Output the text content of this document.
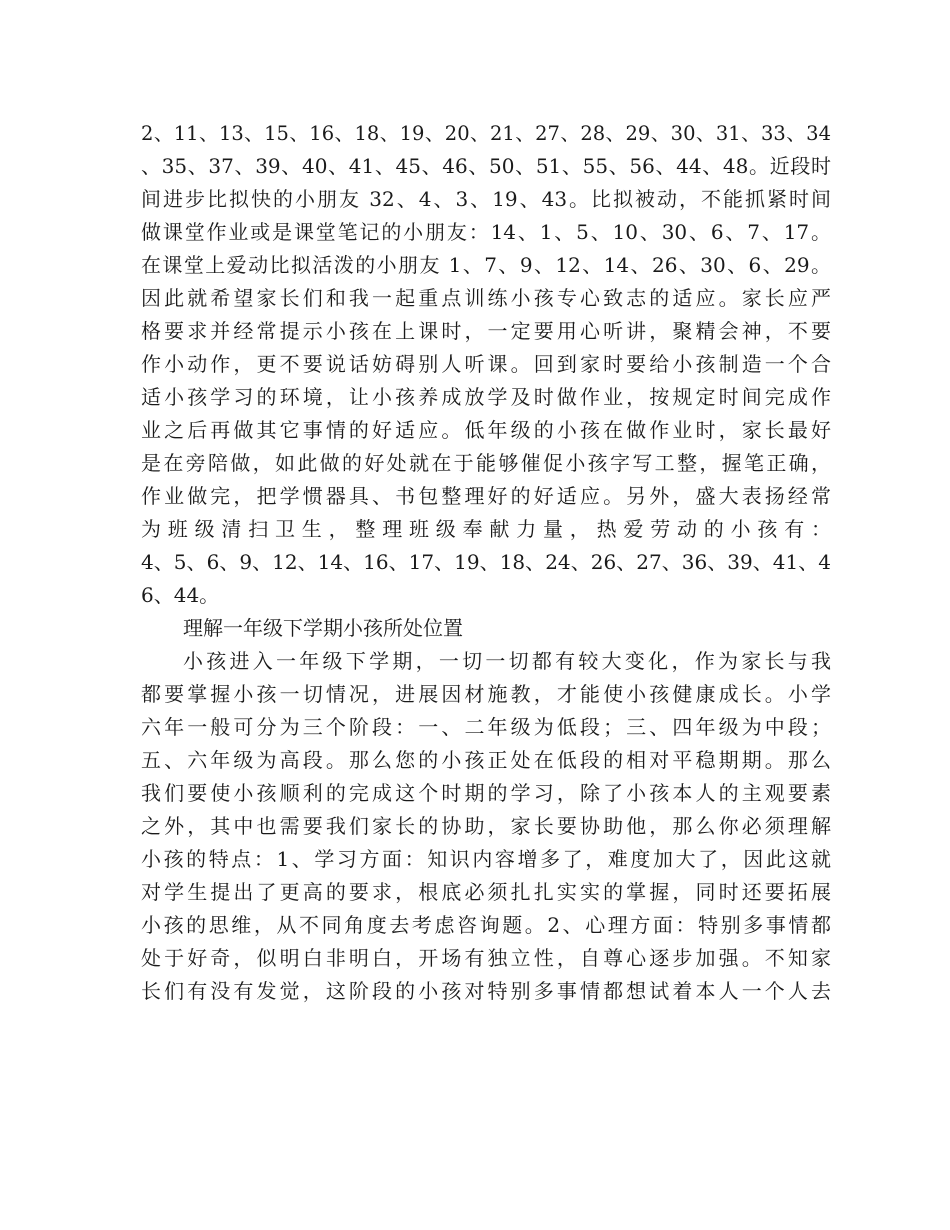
2、11、13、15、16、18、19、20、21、27、28、29、30、31、33、34
、35、37、39、40、41、45、46、50、51、55、56、44、48。近段时
间进步比拟快的小朋友 32、4、3、19、43。比拟被动，不能抓紧时间
做课堂作业或是课堂笔记的小朋友：14、1、5、10、30、6、7、17。
在课堂上爱动比拟活泼的小朋友 1、7、9、12、14、26、30、6、29。
因此就希望家长们和我一起重点训练小孩专心致志的适应。家长应严
格要求并经常提示小孩在上课时，一定要用心听讲，聚精会神，不要
作小动作，更不要说话妨碍别人听课。回到家时要给小孩制造一个合
适小孩学习的环境，让小孩养成放学及时做作业，按规定时间完成作
业之后再做其它事情的好适应。低年级的小孩在做作业时，家长最好
是在旁陪做，如此做的好处就在于能够催促小孩字写工整，握笔正确，
作业做完，把学惯器具、书包整理好的好适应。另外，盛大表扬经常
为班级清扫卫生，整理班级奉献力量，热爱劳动的小孩有：
4、5、6、9、12、14、16、17、19、18、24、26、27、36、39、41、4
6、44。
理解一年级下学期小孩所处位置
小孩进入一年级下学期，一切一切都有较大变化，作为家长与我
都要掌握小孩一切情况，进展因材施教，才能使小孩健康成长。小学
六年一般可分为三个阶段：一、二年级为低段；三、四年级为中段；
五、六年级为高段。那么您的小孩正处在低段的相对平稳期期。那么
我们要使小孩顺利的完成这个时期的学习，除了小孩本人的主观要素
之外，其中也需要我们家长的协助，家长要协助他，那么你必须理解
小孩的特点：1、学习方面：知识内容增多了，难度加大了，因此这就
对学生提出了更高的要求，根底必须扎扎实实的掌握，同时还要拓展
小孩的思维，从不同角度去考虑咨询题。2、心理方面：特别多事情都
处于好奇，似明白非明白，开场有独立性，自尊心逐步加强。不知家
长们有没有发觉，这阶段的小孩对特别多事情都想试着本人一个人去
